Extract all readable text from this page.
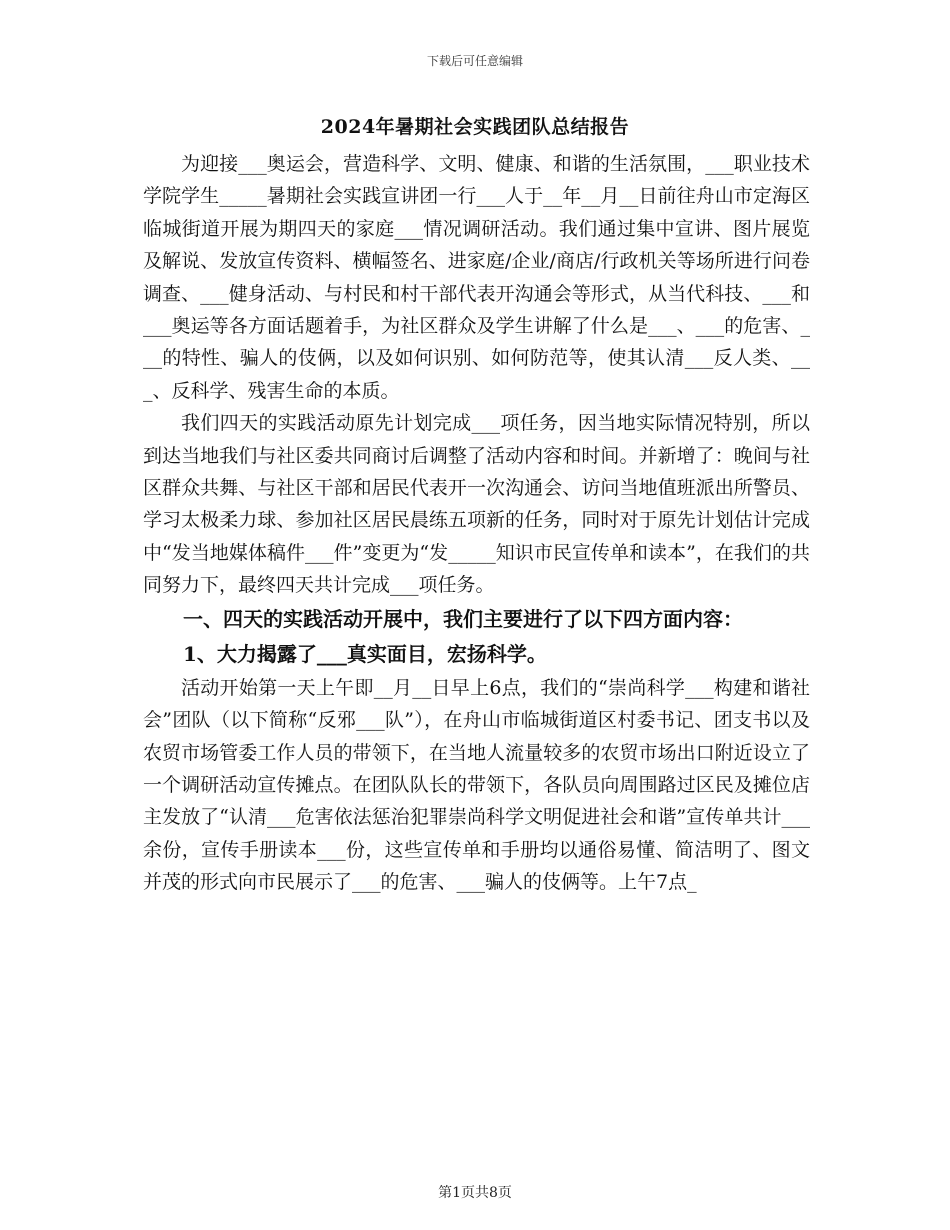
下载后可任意编辑
2024年暑期社会实践团队总结报告

为迎接___奥运会，营造科学、文明、健康、和谐的生活氛围，___职业技术学院学生_____暑期社会实践宣讲团一行___人于__年__月__日前往舟山市定海区临城街道开展为期四天的家庭___情况调研活动。我们通过集中宣讲、图片展览及解说、发放宣传资料、横幅签名、进家庭/企业/商店/行政机关等场所进行问卷调查、___健身活动、与村民和村干部代表开沟通会等形式，从当代科技、___和___奥运等各方面话题着手，为社区群众及学生讲解了什么是___、___的危害、___的特性、骗人的伎俩，以及如何识别、如何防范等，使其认清___反人类、___、反科学、残害生命的本质。

我们四天的实践活动原先计划完成___项任务，因当地实际情况特别，所以到达当地我们与社区委共同商讨后调整了活动内容和时间。并新增了：晚间与社区群众共舞、与社区干部和居民代表开一次沟通会、访问当地值班派出所警员、学习太极柔力球、参加社区居民晨练五项新的任务，同时对于原先计划估计完成中“发当地媒体稿件___件”变更为“发_____知识市民宣传单和读本”，在我们的共同努力下，最终四天共计完成___项任务。

一、四天的实践活动开展中，我们主要进行了以下四方面内容：

1、大力揭露了___真实面目，宏扬科学。

活动开始第一天上午即__月__日早上6点，我们的“崇尚科学___构建和谐社会”团队（以下简称“反邪___队”），在舟山市临城街道区村委书记、团支书以及农贸市场管委工作人员的带领下，在当地人流量较多的农贸市场出口附近设立了一个调研活动宣传摊点。在团队队长的带领下，各队员向周围路过区民及摊位店主发放了“认清___危害依法惩治犯罪崇尚科学文明促进社会和谐”宣传单共计___余份，宣传手册读本___份，这些宣传单和手册均以通俗易懂、简洁明了、图文并茂的形式向市民展示了___的危害、___骗人的伎俩等。上午7点_

第1页共8页
